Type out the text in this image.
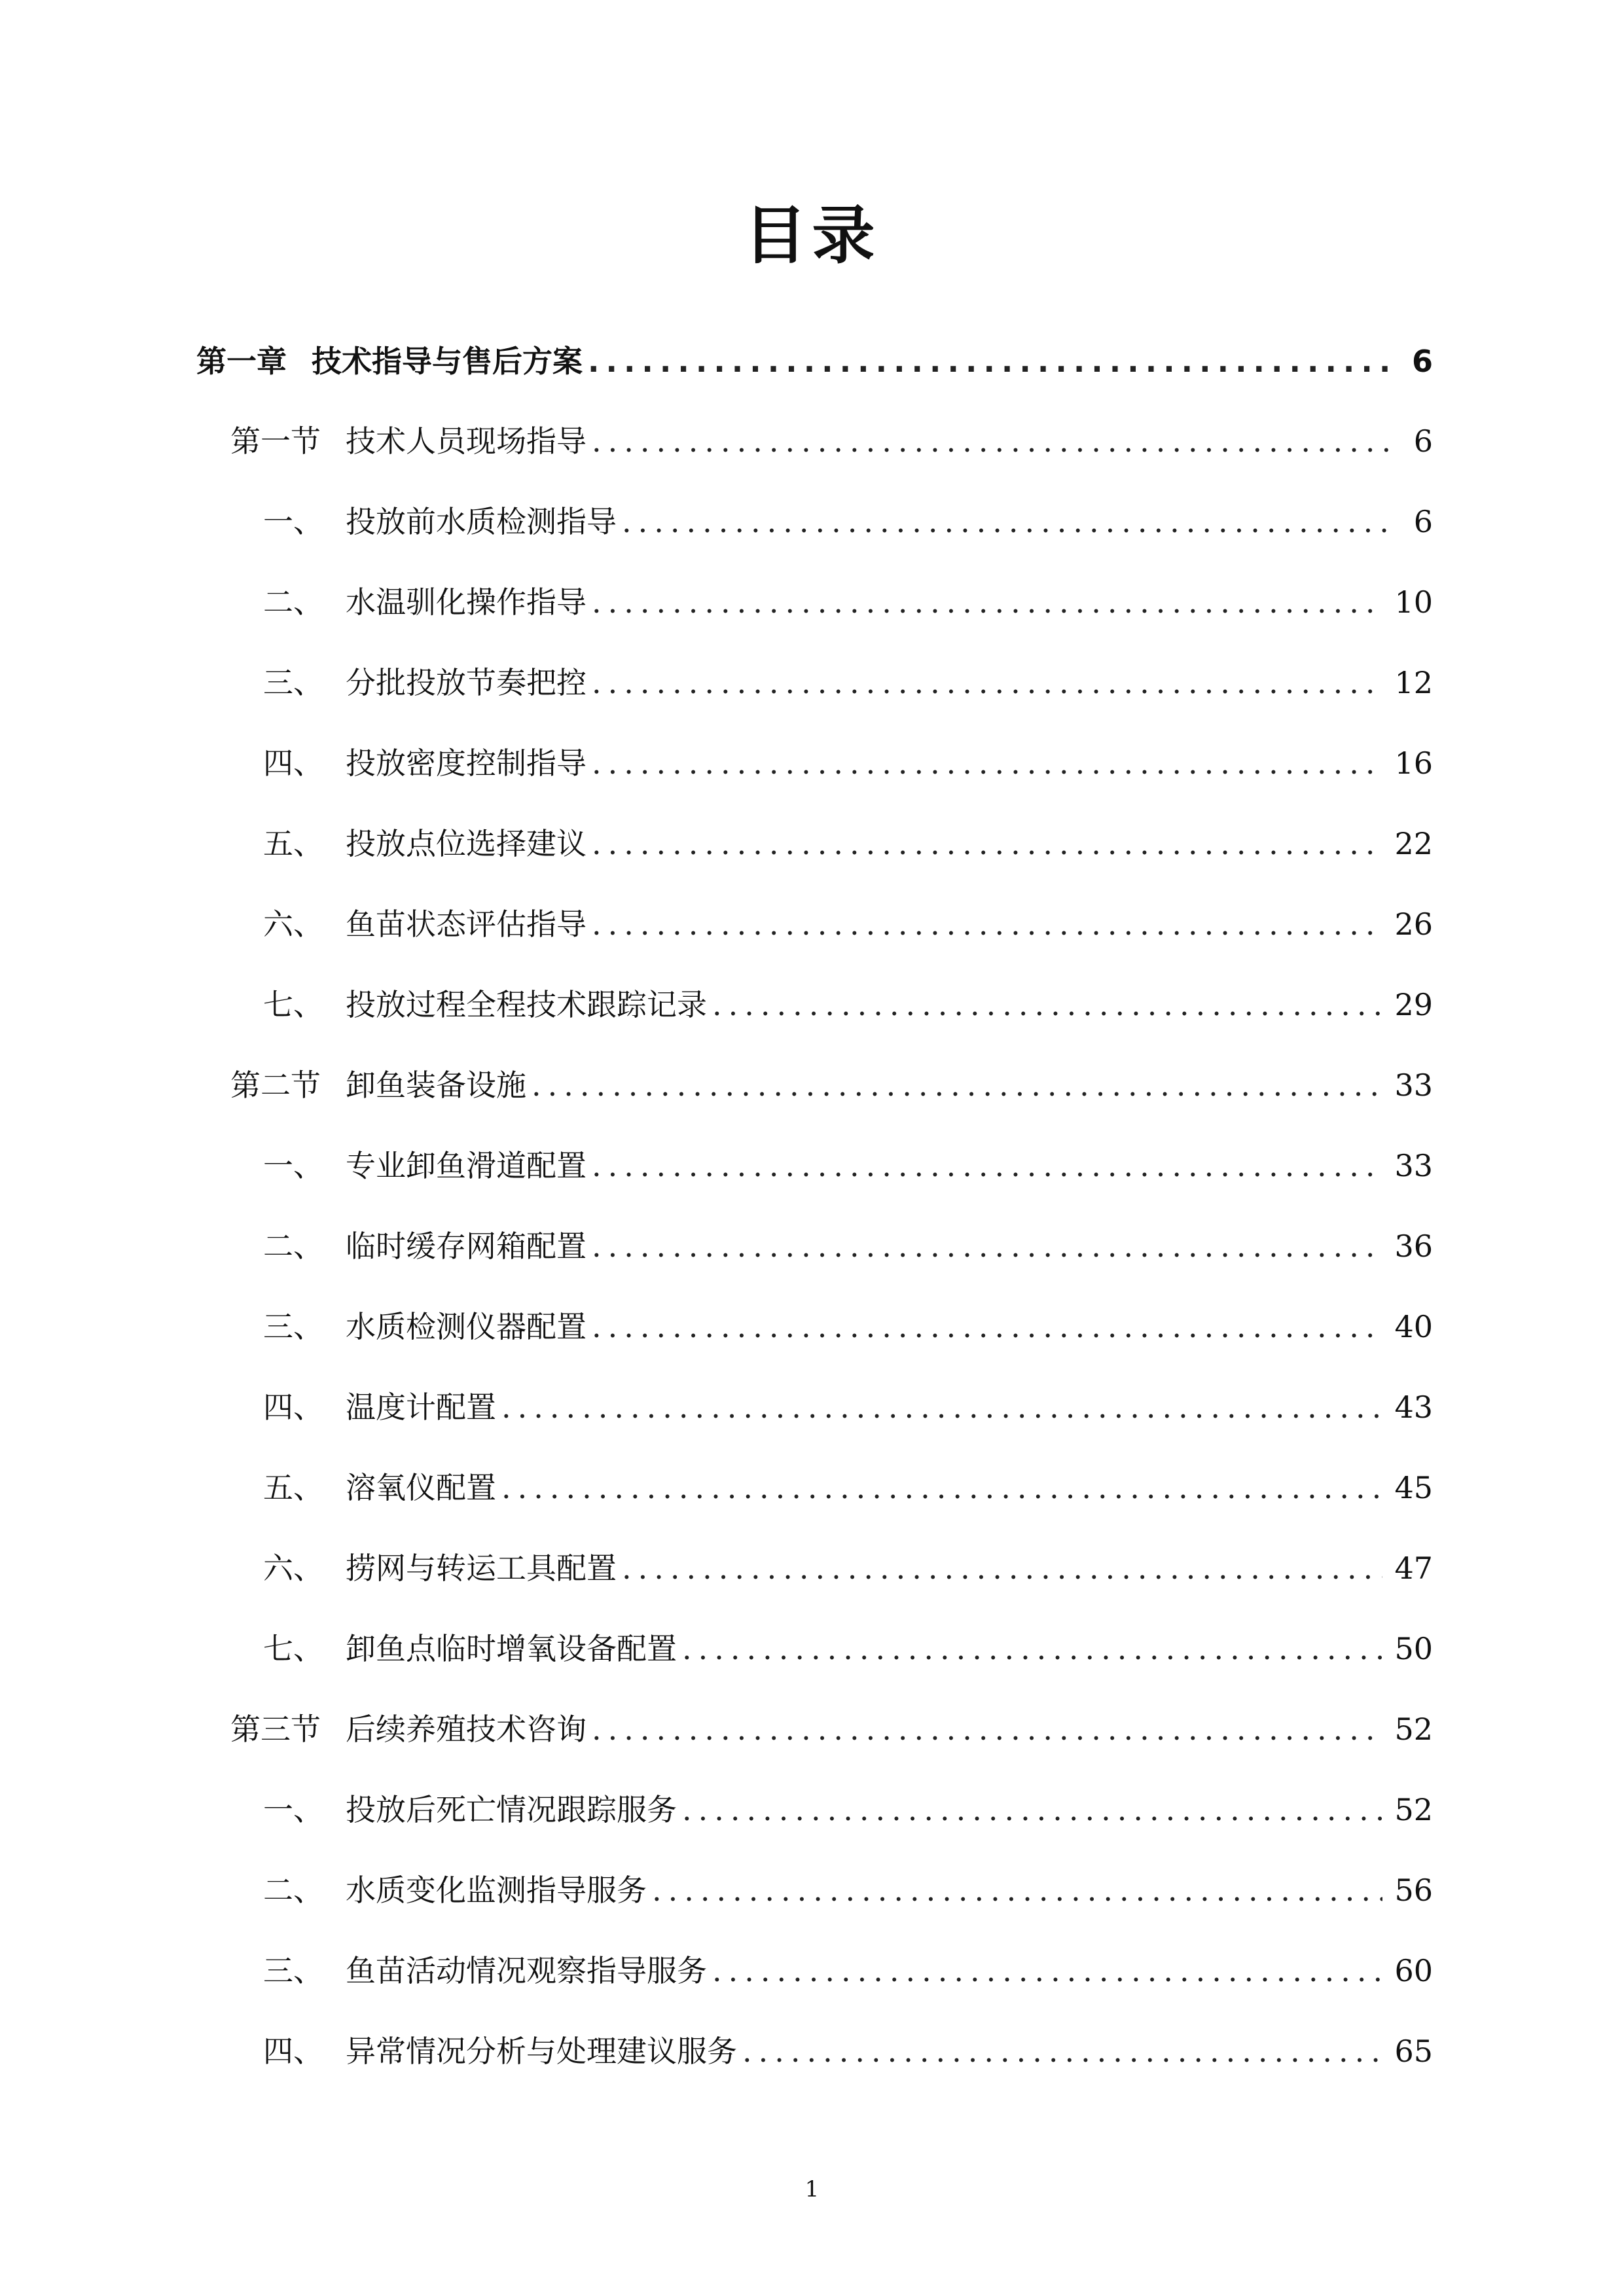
目录
第一章 技术指导与售后方案 .....	6
第一节 技术人员现场指导 .....	6
一、 投放前水质检测指导 .....	6
二、 水温驯化操作指导 .....	10
三、 分批投放节奏把控 .....	12
四、 投放密度控制指导 .....	16
五、 投放点位选择建议 .....	22
六、 鱼苗状态评估指导 .....	26
七、 投放过程全程技术跟踪记录 .....	29
第二节 卸鱼装备设施 .....	33
一、 专业卸鱼滑道配置 .....	33
二、 临时缓存网箱配置 .....	36
三、 水质检测仪器配置 .....	40
四、 温度计配置 .....	43
五、 溶氧仪配置 .....	45
六、 捞网与转运工具配置 .....	47
七、 卸鱼点临时增氧设备配置 .....	50
第三节 后续养殖技术咨询 .....	52
一、 投放后死亡情况跟踪服务 .....	52
二、 水质变化监测指导服务 .....	56
三、 鱼苗活动情况观察指导服务 .....	60
四、 异常情况分析与处理建议服务 .....	65
1
